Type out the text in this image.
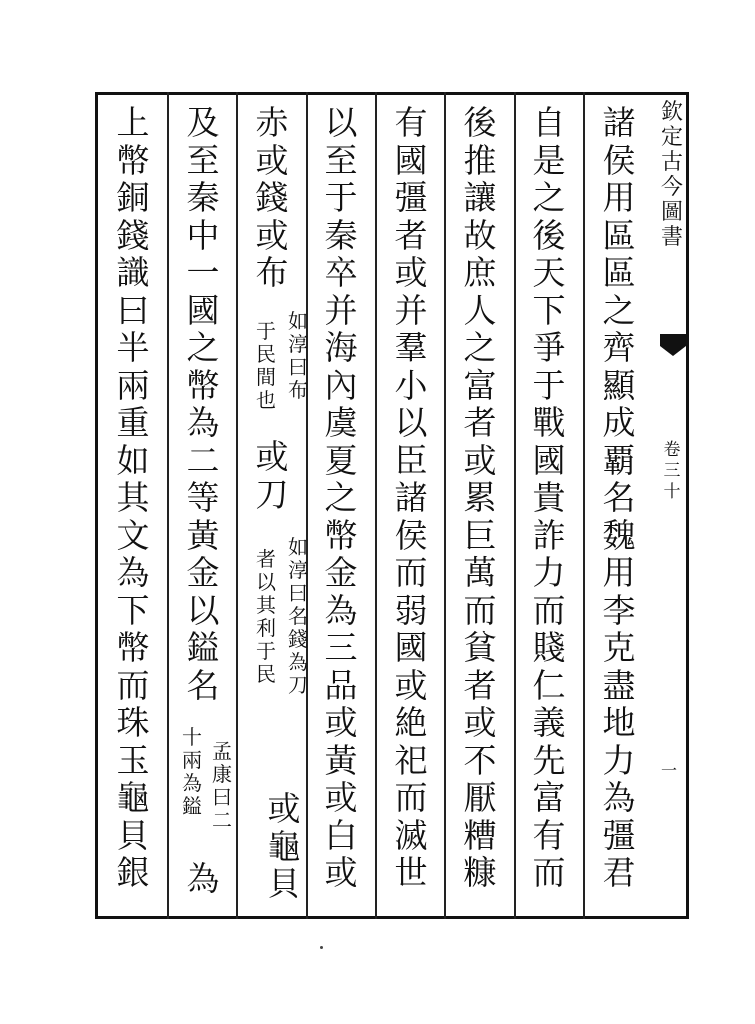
諸
侯
用
區
區
之
齊
顯
成
覇
名
魏
用
李
克
盡
地
力
為
彊
君
自
是
之
後
天
下
爭
于
戰
國
貴
詐
力
而
賤
仁
義
先
富
有
而
後
推
讓
故
庶
人
之
富
者
或
累
巨
萬
而
貧
者
或
不
厭
糟
糠
有
國
彊
者
或
并
羣
小
以
臣
諸
侯
而
弱
國
或
絶
祀
而
滅
世
以
至
于
秦
卒
并
海
內
虞
夏
之
幣
金
為
三
品
或
黃
或
白
或
赤
或
錢
或
布
如
淳
曰
布
于
民
間
也
或
刀
如
淳
曰
名
錢
為
刀
者
以
其
利
于
民
或
龜
貝
及
至
秦
中
一
國
之
幣
為
二
等
黃
金
以
鎰
名
孟
康
曰
二
十
兩
為
鎰
為
上
幣
銅
錢
識
曰
半
兩
重
如
其
文
為
下
幣
而
珠
玉
龜
貝
銀
欽
定
古
今
圖
書
卷
三
十
一
